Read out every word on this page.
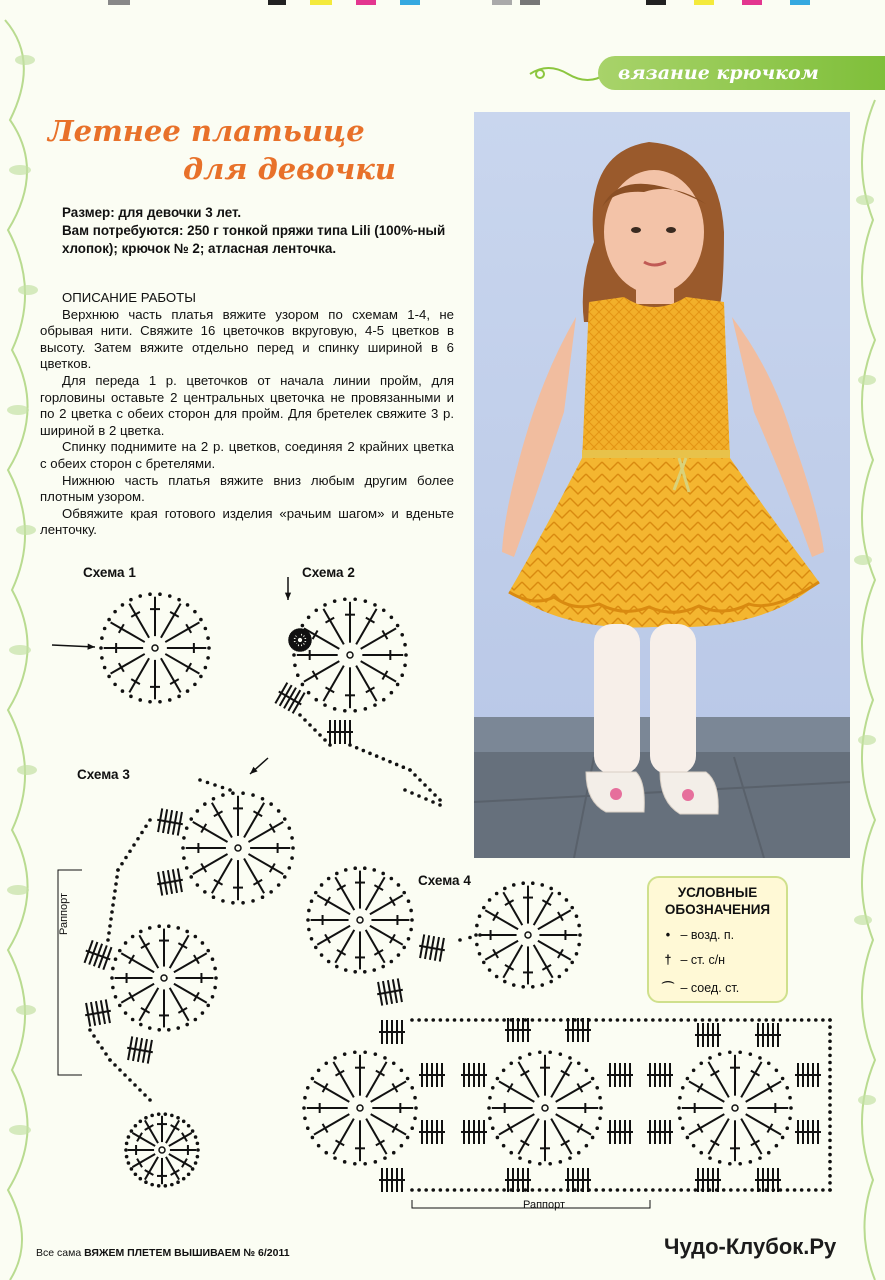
вязание крючком
Летнее платьице
для девочки
Размер: для девочки 3 лет.
Вам потребуются: 250 г тонкой пряжи типа Lili (100%-ный хлопок); крючок № 2; атласная ленточка.
ОПИСАНИЕ РАБОТЫ

Верхнюю часть платья вяжите узором по схемам 1-4, не обрывая нити. Свяжите 16 цветочков вкруговую, 4-5 цветков в высоту. Затем вяжите отдельно перед и спинку шириной в 6 цветков.

Для переда 1 р. цветочков от начала линии пройм, для горловины оставьте 2 центральных цветочка не провязанными и по 2 цветка с обеих сторон для пройм. Для бретелек свяжите 3 р. шириной в 2 цветка.

Спинку поднимите на 2 р. цветков, соединяя 2 крайних цветка с обеих сторон с бретелями.

Нижнюю часть платья вяжите вниз любым другим более плотным узором.

Обвяжите края готового изделия «рачьим шагом» и вденьте ленточку.

Схема 1	Схема 2
Схема 3
Схема 4
Раппорт
Раппорт
УСЛОВНЫЕ
ОБОЗНАЧЕНИЯ
• – возд. п.
† – ст. с/н
⌒ – соед. ст.
Все сама ВЯЖЕМ ПЛЕТЕМ ВЫШИВАЕМ № 6/2011	Чудо-Клубок.Ру
